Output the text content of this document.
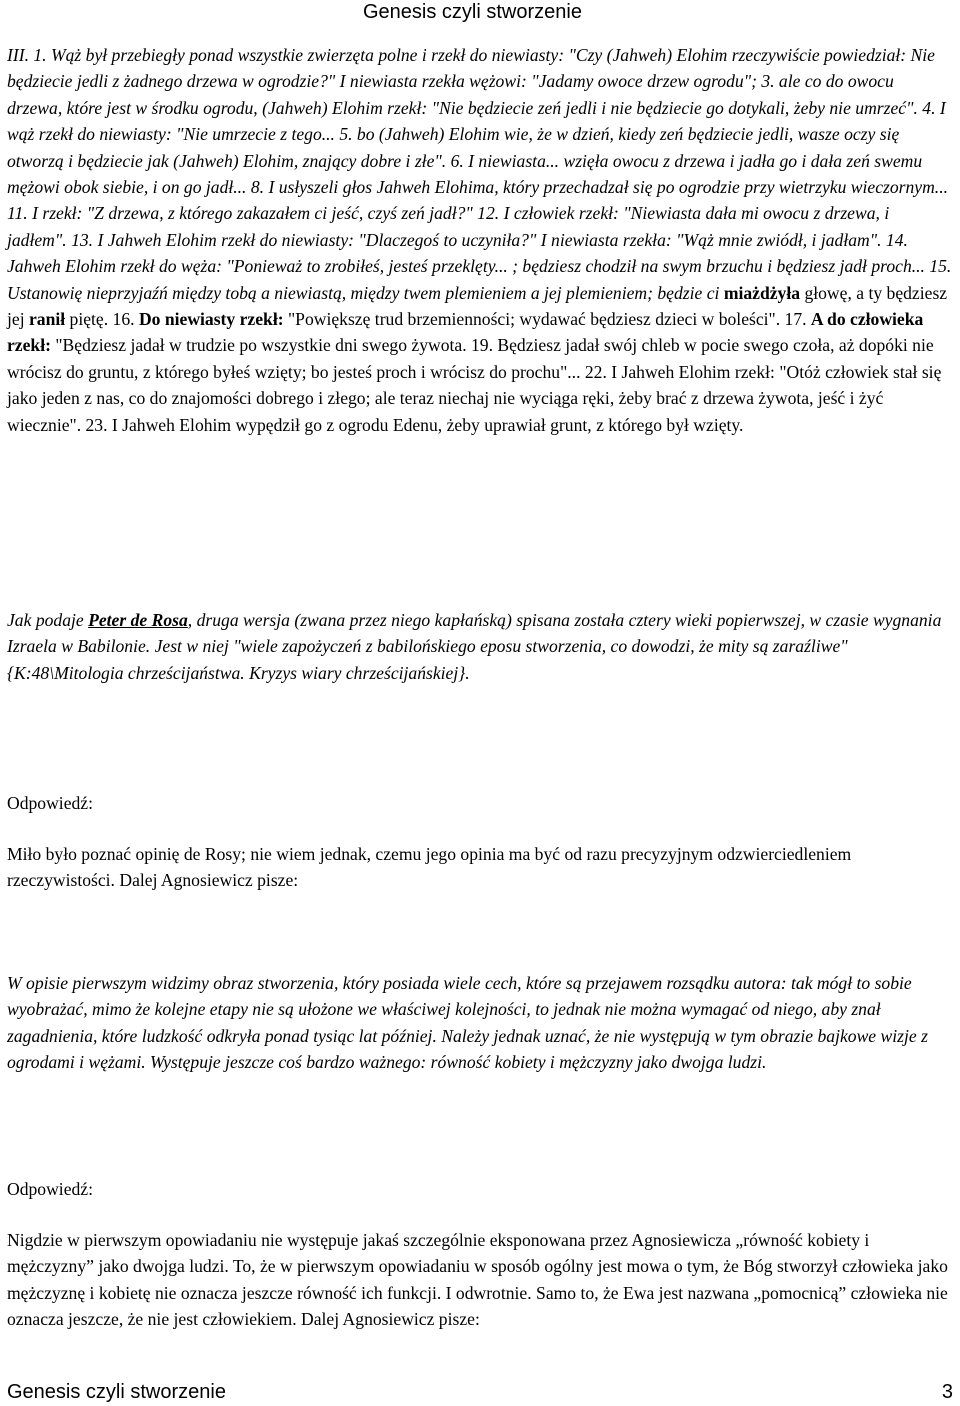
Genesis czyli stworzenie

III. 1. Wąż był przebiegły ponad wszystkie zwierzęta polne i rzekł do niewiasty: "Czy (Jahweh) Elohim rzeczywiście powiedział: Nie będziecie jedli z żadnego drzewa w ogrodzie?" I niewiasta rzekła wężowi: "Jadamy owoce drzew ogrodu"; 3. ale co do owocu drzewa, które jest w środku ogrodu, (Jahweh) Elohim rzekł: "Nie będziecie zeń jedli i nie będziecie go dotykali, żeby nie umrzeć". 4. I wąż rzekł do niewiasty: "Nie umrzecie z tego... 5. bo (Jahweh) Elohim wie, że w dzień, kiedy zeń będziecie jedli, wasze oczy się otworzą i będziecie jak (Jahweh) Elohim, znający dobre i złe". 6. I niewiasta... wzięła owocu z drzewa i jadła go i dała zeń swemu mężowi obok siebie, i on go jadł... 8. I usłyszeli głos Jahweh Elohima, który przechadzał się po ogrodzie przy wietrzyku wieczornym... 11. I rzekł: "Z drzewa, z którego zakazałem ci jeść, czyś zeń jadł?" 12. I człowiek rzekł: "Niewiasta dała mi owocu z drzewa, i jadłem". 13. I Jahweh Elohim rzekł do niewiasty: "Dlaczegoś to uczyniła?" I niewiasta rzekła: "Wąż mnie zwiódł, i jadłam". 14. Jahweh Elohim rzekł do węża: "Ponieważ to zrobiłeś, jesteś przeklęty... ; będziesz chodził na swym brzuchu i będziesz jadł proch... 15. Ustanowię nieprzyjaźń między tobą a niewiastą, między twem plemieniem a jej plemieniem; będzie ci miażdżyła głowę, a ty będziesz jej ranił piętę. 16. Do niewiasty rzekł: "Powiększę trud brzemienności; wydawać będziesz dzieci w boleści". 17. A do człowieka rzekł: "Będziesz jadał w trudzie po wszystkie dni swego żywota. 19. Będziesz jadał swój chleb w pocie swego czoła, aż dopóki nie wrócisz do gruntu, z którego byłeś wzięty; bo jesteś proch i wrócisz do prochu"... 22. I Jahweh Elohim rzekł: "Otóż człowiek stał się jako jeden z nas, co do znajomości dobrego i złego; ale teraz niechaj nie wyciąga ręki, żeby brać z drzewa żywota, jeść i żyć wiecznie". 23. I Jahweh Elohim wypędził go z ogrodu Edenu, żeby uprawiał grunt, z którego był wzięty.

Jak podaje Peter de Rosa, druga wersja (zwana przez niego kapłańską) spisana została cztery wieki popierwszej, w czasie wygnania Izraela w Babilonie. Jest w niej "wiele zapożyczeń z babilońskiego eposu stworzenia, co dowodzi, że mity są zaraźliwe" {K:48\Mitologia chrześcijaństwa. Kryzys wiary chrześcijańskiej}.

Odpowiedź:

Miło było poznać opinię de Rosy; nie wiem jednak, czemu jego opinia ma być od razu precyzyjnym odzwierciedleniem rzeczywistości. Dalej Agnosiewicz pisze:

W opisie pierwszym widzimy obraz stworzenia, który posiada wiele cech, które są przejawem rozsądku autora: tak mógł to sobie wyobrażać, mimo że kolejne etapy nie są ułożone we właściwej kolejności, to jednak nie można wymagać od niego, aby znał zagadnienia, które ludzkość odkryła ponad tysiąc lat później. Należy jednak uznać, że nie występują w tym obrazie bajkowe wizje z ogrodami i wężami. Występuje jeszcze coś bardzo ważnego: równość kobiety i mężczyzny jako dwojga ludzi.

Odpowiedź:

Nigdzie w pierwszym opowiadaniu nie występuje jakaś szczególnie eksponowana przez Agnosiewicza „równość kobiety i mężczyzny” jako dwojga ludzi. To, że w pierwszym opowiadaniu w sposób ogólny jest mowa o tym, że Bóg stworzył człowieka jako mężczyznę i kobietę nie oznacza jeszcze równość ich funkcji. I odwrotnie. Samo to, że Ewa jest nazwana „pomocnicą” człowieka nie oznacza jeszcze, że nie jest człowiekiem. Dalej Agnosiewicz pisze:

Genesis czyli stworzenie	3
